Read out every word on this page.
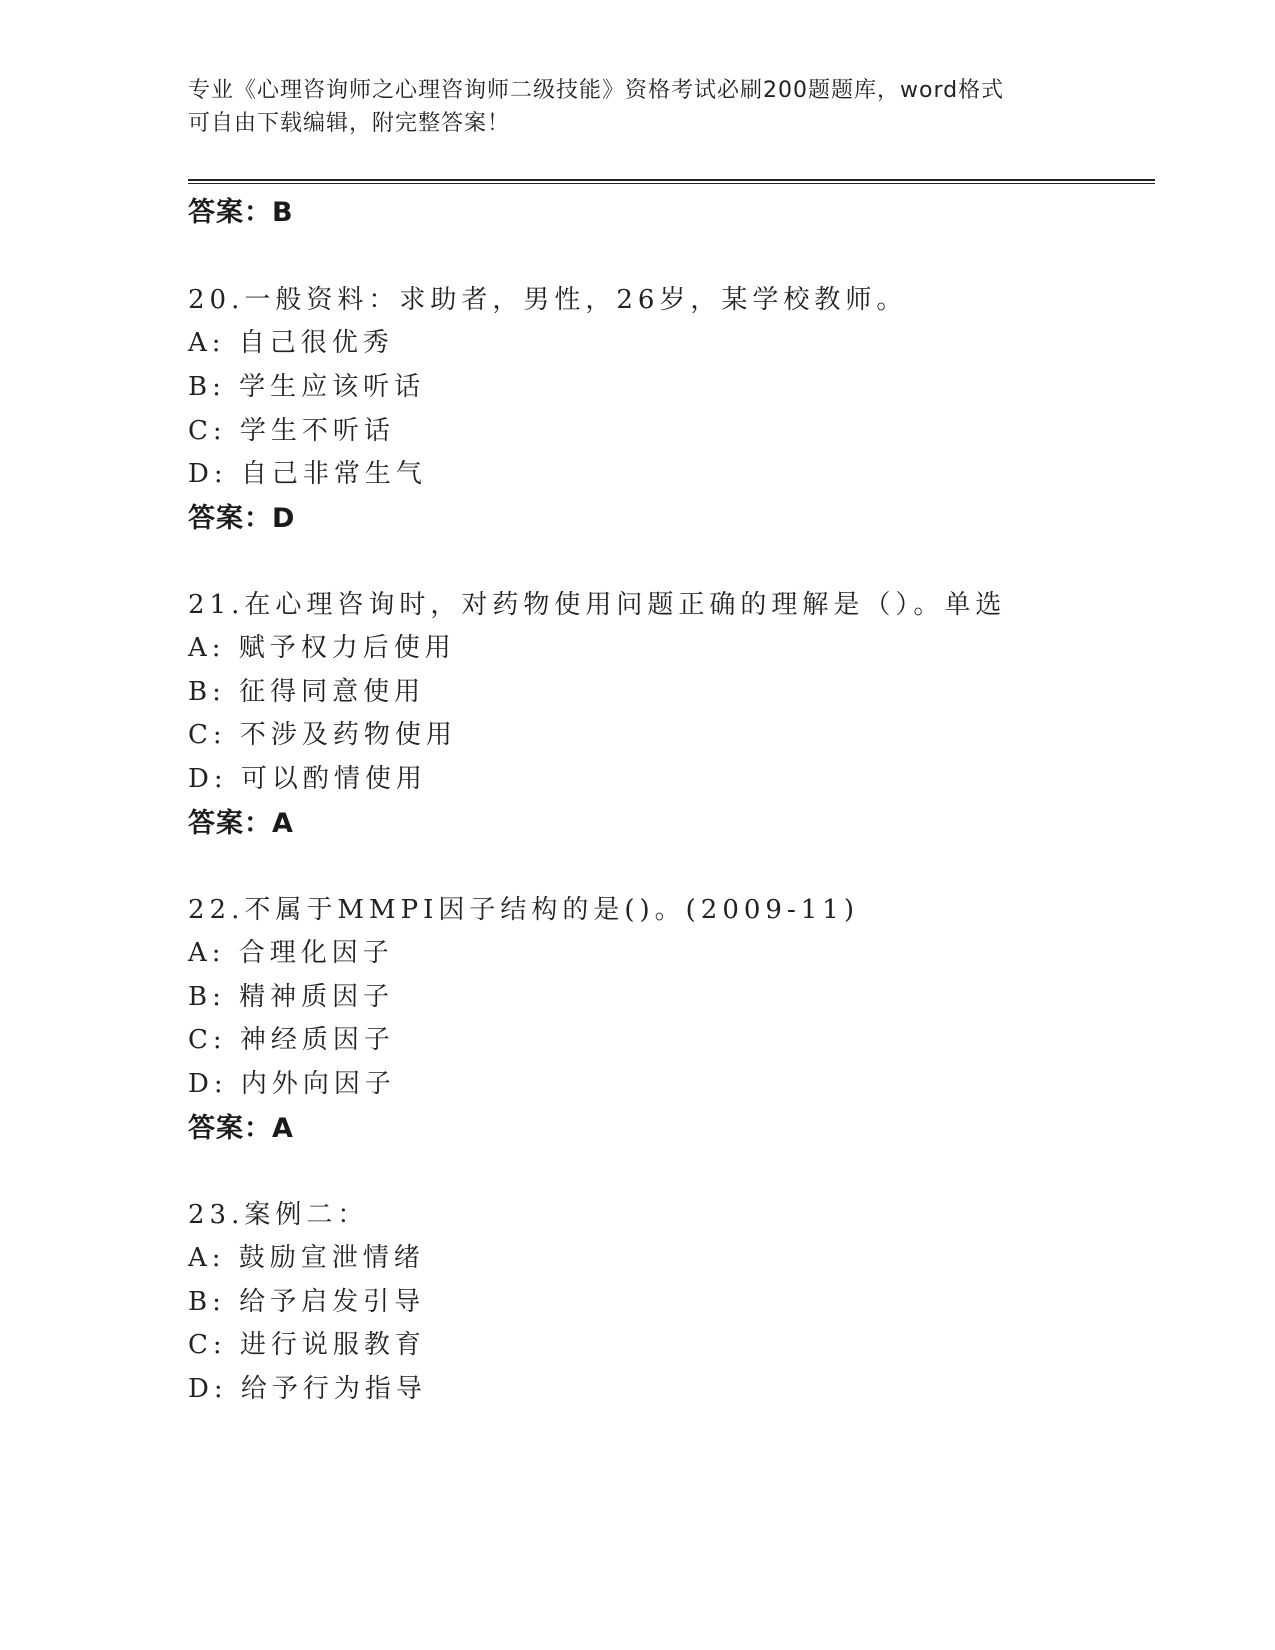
专业《心理咨询师之心理咨询师二级技能》资格考试必刷200题题库，word格式
可自由下载编辑，附完整答案！
答案：B
20.一般资料：求助者，男性，26岁，某学校教师。
A: 自己很优秀
B: 学生应该听话
C: 学生不听话
D: 自己非常生气
答案：D
21.在心理咨询时，对药物使用问题正确的理解是（）。单选
A: 赋予权力后使用
B: 征得同意使用
C: 不涉及药物使用
D: 可以酌情使用
答案：A
22.不属于MMPI因子结构的是()。(2009-11)
A: 合理化因子
B: 精神质因子
C: 神经质因子
D: 内外向因子
答案：A
23.案例二：
A: 鼓励宣泄情绪
B: 给予启发引导
C: 进行说服教育
D: 给予行为指导
